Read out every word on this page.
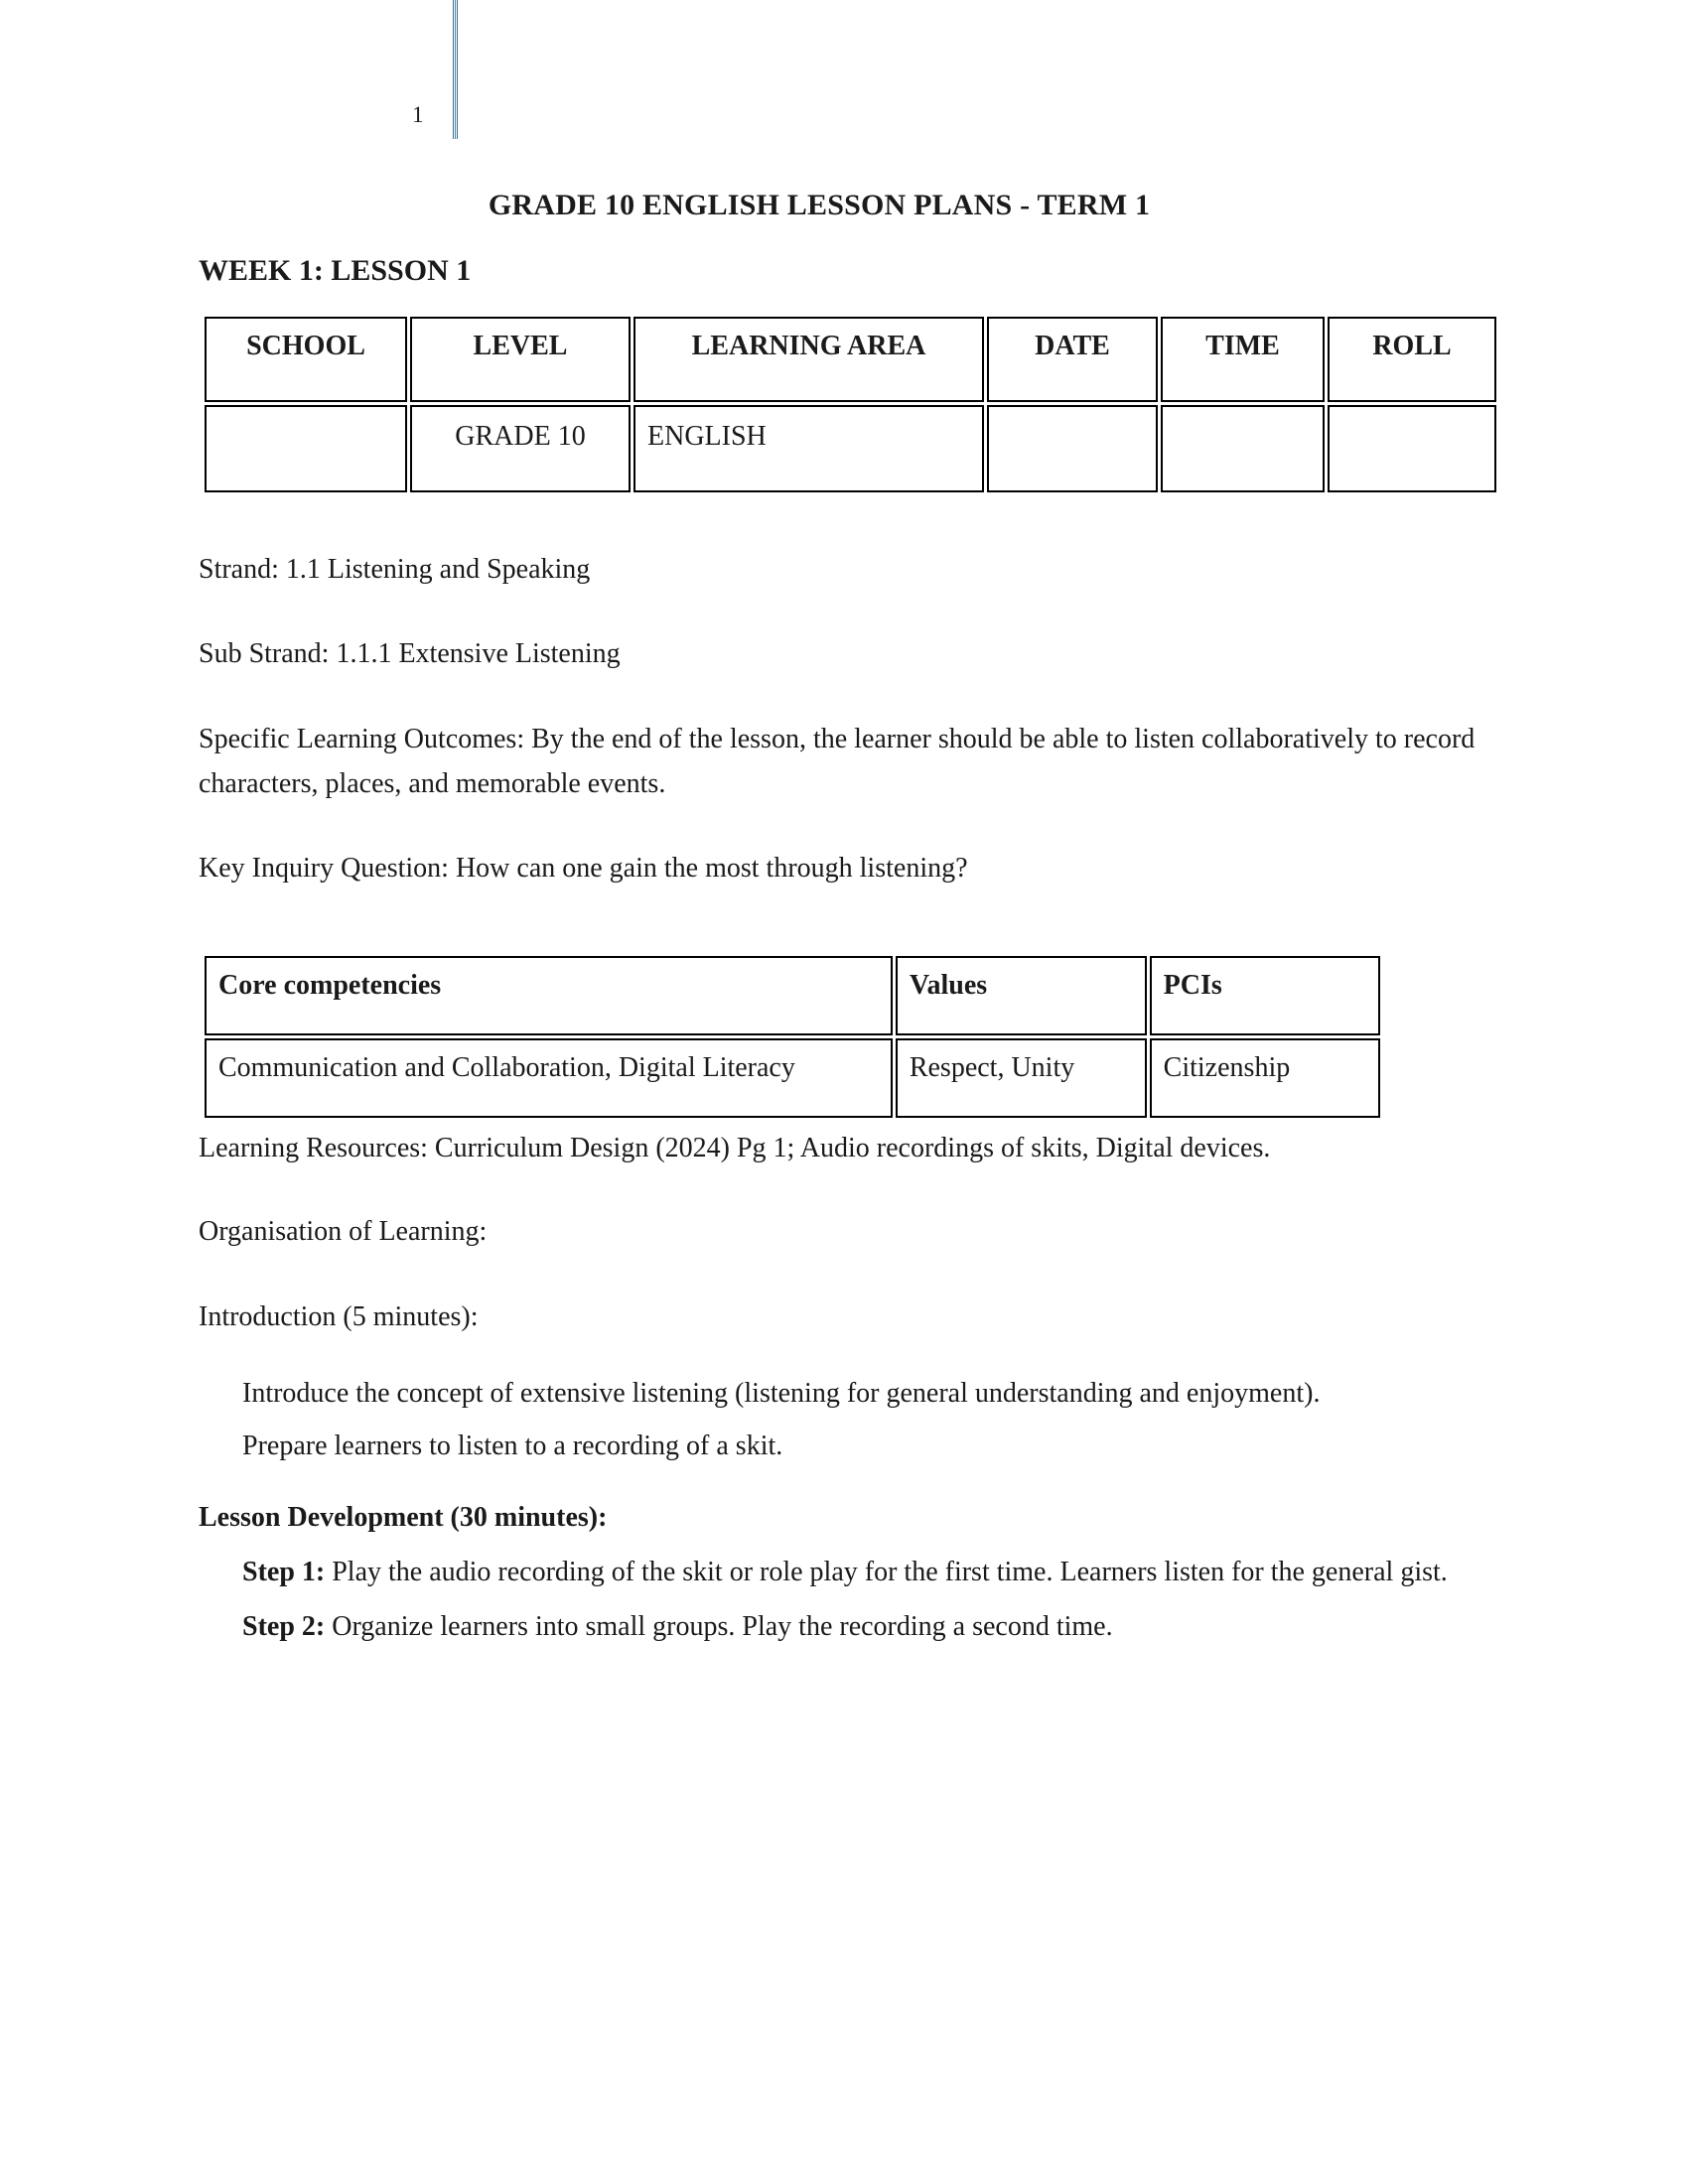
1
GRADE 10 ENGLISH LESSON PLANS - TERM 1
WEEK 1: LESSON 1
SCHOOL	LEVEL	LEARNING AREA	DATE	TIME	ROLL
	GRADE 10	ENGLISH			

Strand: 1.1 Listening and Speaking

Sub Strand: 1.1.1 Extensive Listening

Specific Learning Outcomes: By the end of the lesson, the learner should be able to listen collaboratively to record characters, places, and memorable events.

Key Inquiry Question: How can one gain the most through listening?

Core competencies	Values	PCIs
Communication and Collaboration, Digital Literacy	Respect, Unity	Citizenship

Learning Resources: Curriculum Design (2024) Pg 1; Audio recordings of skits, Digital devices.

Organisation of Learning:

Introduction (5 minutes):

Introduce the concept of extensive listening (listening for general understanding and enjoyment).
Prepare learners to listen to a recording of a skit.
Lesson Development (30 minutes):
Step 1: Play the audio recording of the skit or role play for the first time. Learners listen for the general gist.
Step 2: Organize learners into small groups. Play the recording a second time.
